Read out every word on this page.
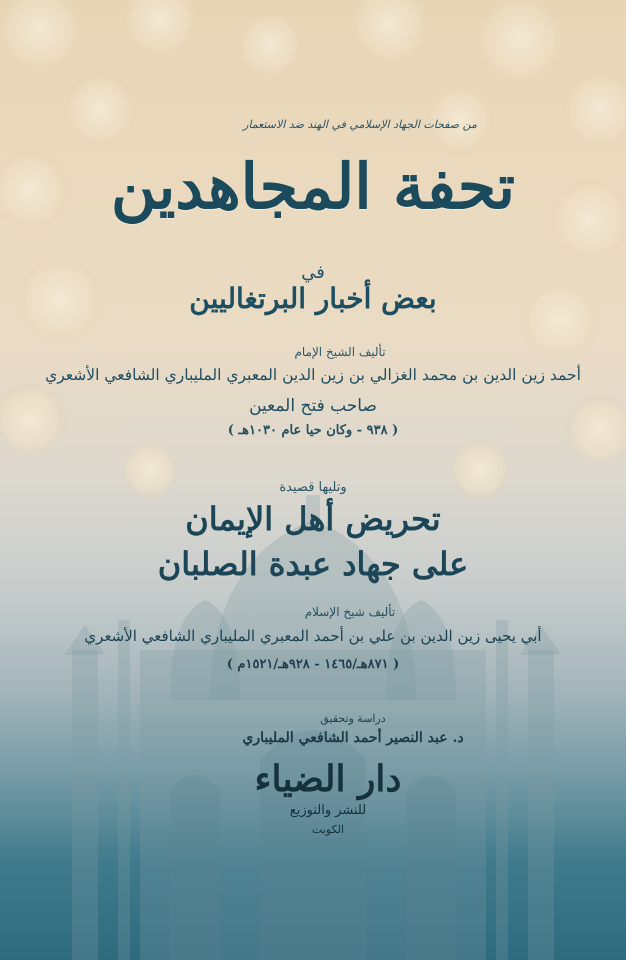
من صفحات الجهاد الإسلامي في الهند ضد الاستعمار
تحفة المجاهدين
في
بعض أخبار البرتغاليين
تأليف الشيخ الإمام
أحمد زين الدين بن محمد الغزالي بن زين الدين المعبري المليباري الشافعي الأشعري
صاحب فتح المعين
( ٩٣٨ - وكان حيا عام ١٠٣٠هـ )
وتليها قصيدة
تحريض أهل الإيمان
على جهاد عبدة الصلبان
تأليف شيخ الإسلام
أبي يحيى زين الدين بن علي بن أحمد المعبري المليباري الشافعي الأشعري
( ٨٧١هـ/١٤٦٥ - ٩٢٨هـ/١٥٢١م )
دراسة وتحقيق
د. عبد النصير أحمد الشافعي المليباري
دار الضياء
للنشر والتوزيع
الكويت
